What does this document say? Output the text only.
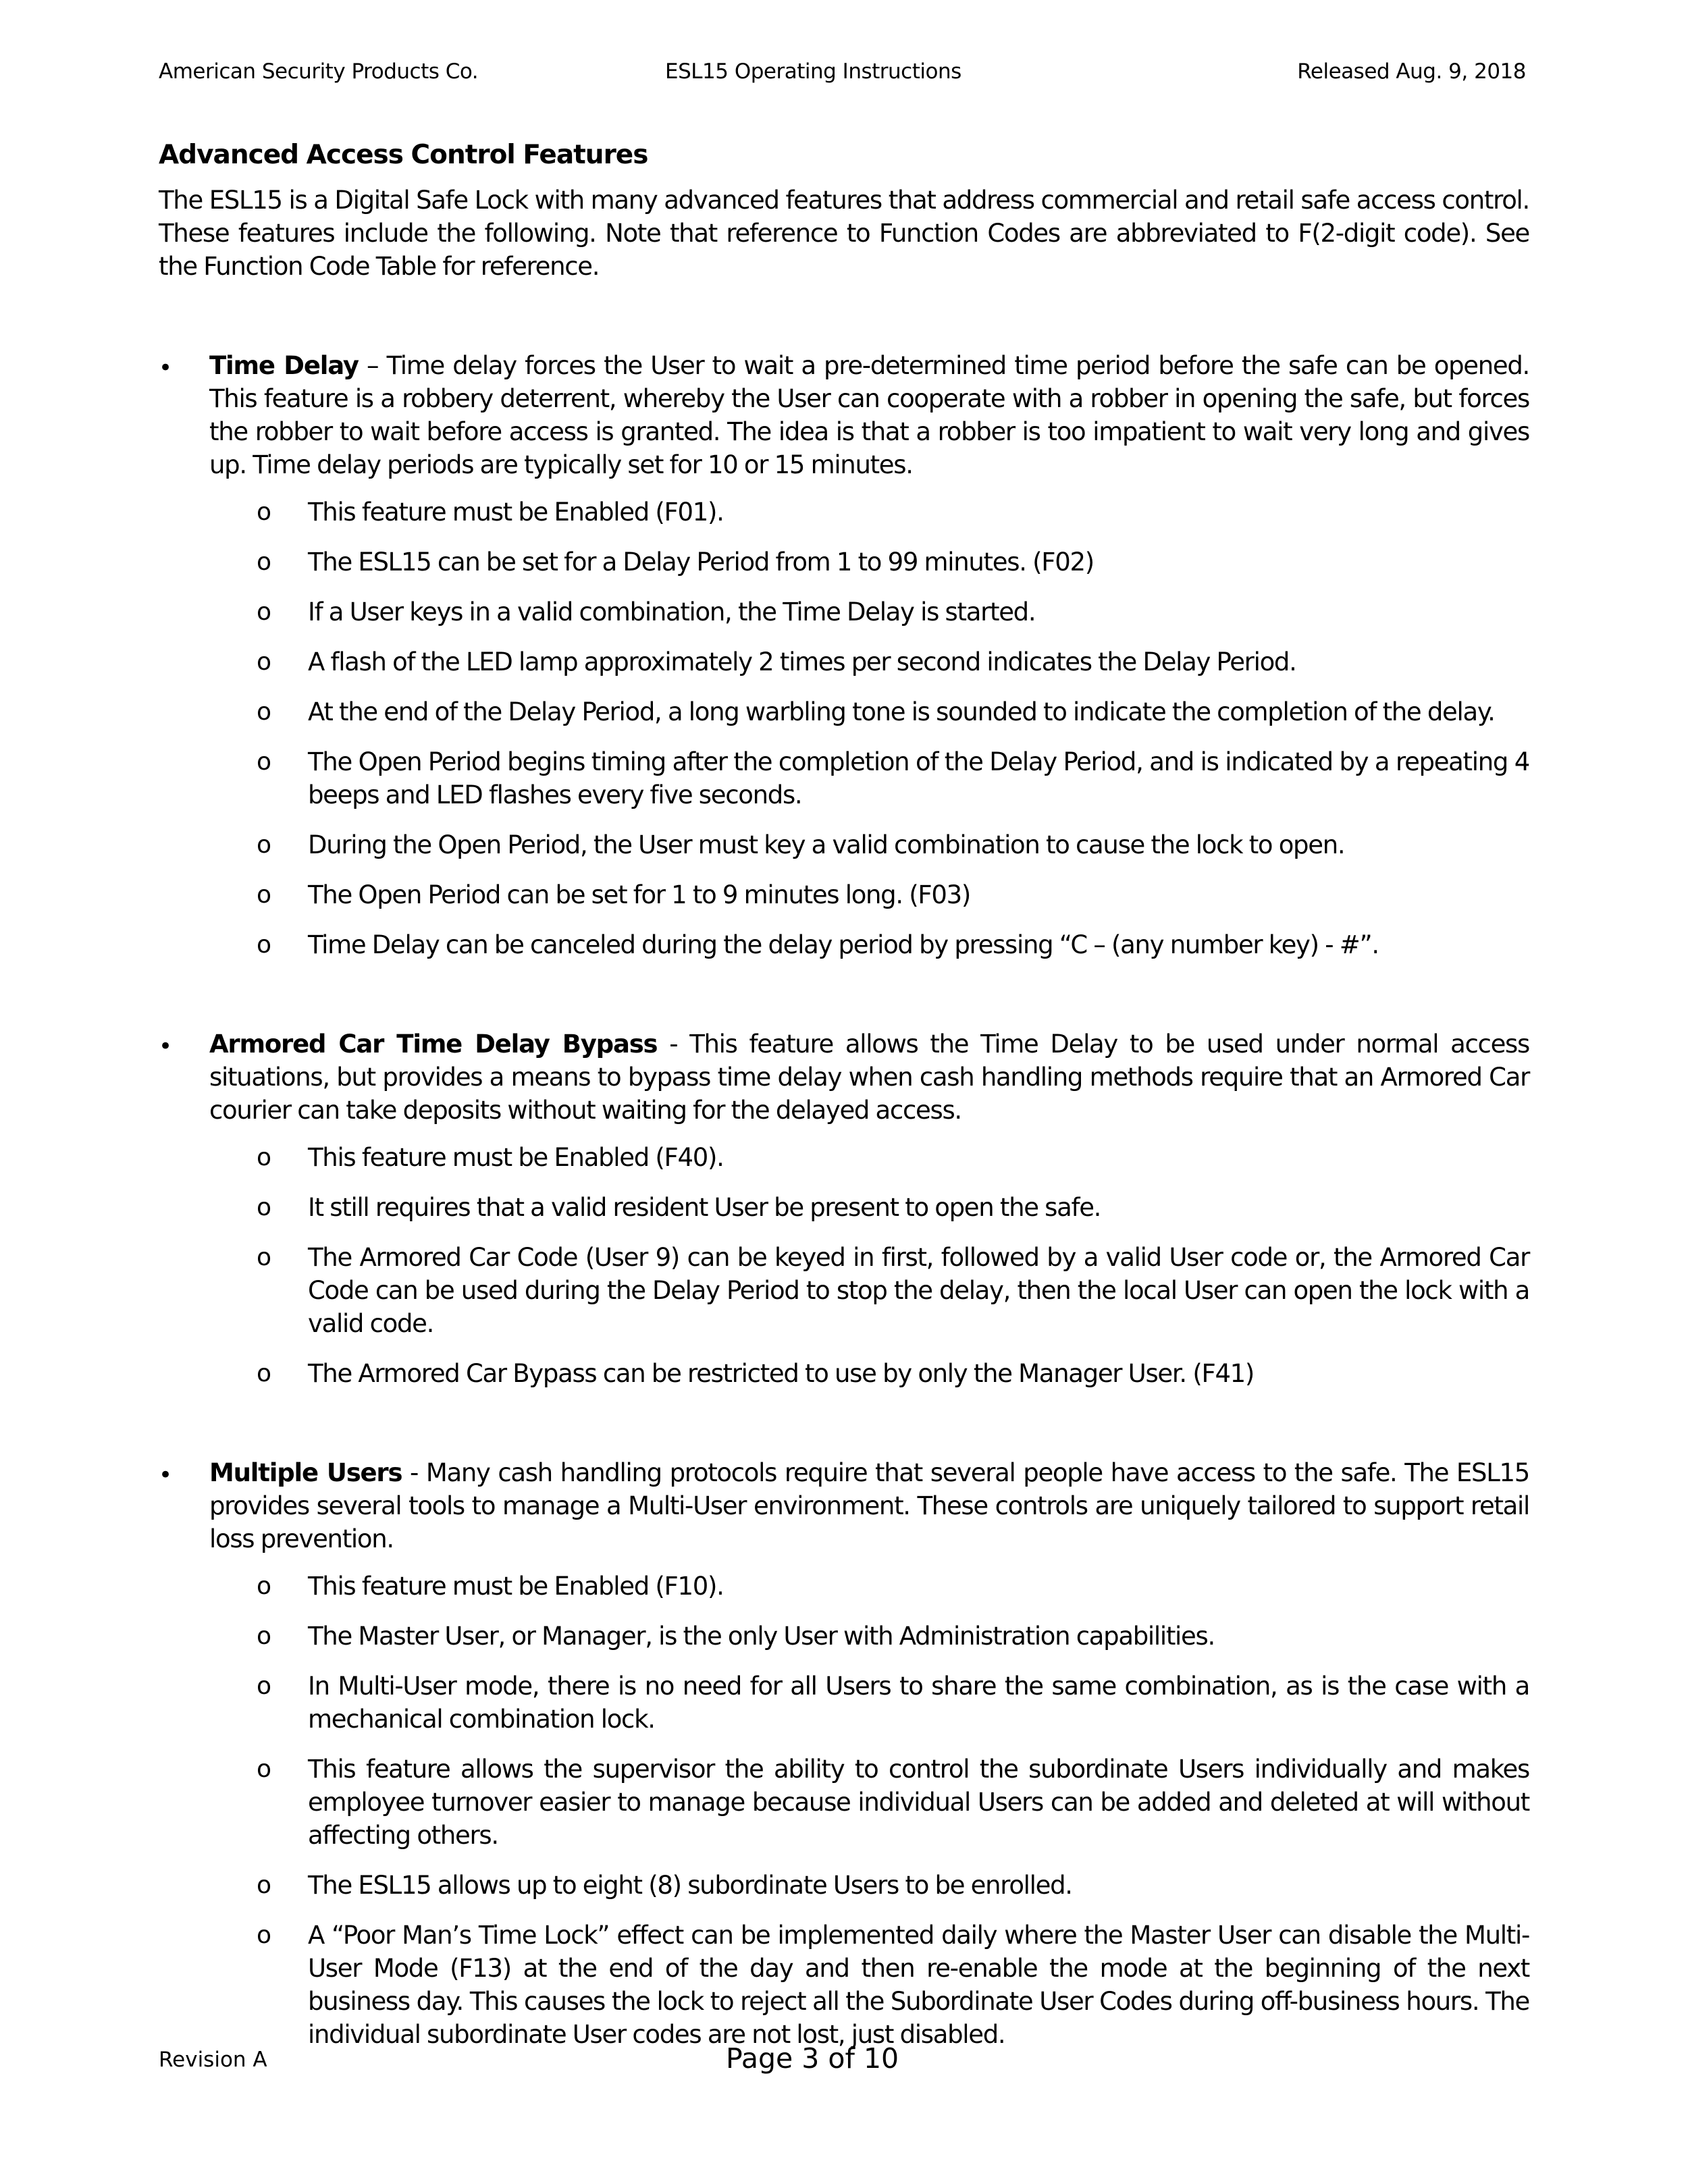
American Security Products Co.	ESL15 Operating Instructions	Released Aug. 9, 2018
Advanced Access Control Features

The ESL15 is a Digital Safe Lock with many advanced features that address commercial and retail safe access control. These features include the following. Note that reference to Function Codes are abbreviated to F(2-digit code). See the Function Code Table for reference.

• Time Delay – Time delay forces the User to wait a pre-determined time period before the safe can be opened. This feature is a robbery deterrent, whereby the User can cooperate with a robber in opening the safe, but forces the robber to wait before access is granted. The idea is that a robber is too impatient to wait very long and gives up. Time delay periods are typically set for 10 or 15 minutes.
o This feature must be Enabled (F01).
o The ESL15 can be set for a Delay Period from 1 to 99 minutes. (F02)
o If a User keys in a valid combination, the Time Delay is started.
o A flash of the LED lamp approximately 2 times per second indicates the Delay Period.
o At the end of the Delay Period, a long warbling tone is sounded to indicate the completion of the delay.
o The Open Period begins timing after the completion of the Delay Period, and is indicated by a repeating 4 beeps and LED flashes every five seconds.
o During the Open Period, the User must key a valid combination to cause the lock to open.
o The Open Period can be set for 1 to 9 minutes long. (F03)
o Time Delay can be canceled during the delay period by pressing “C – (any number key) - #”.
• Armored Car Time Delay Bypass - This feature allows the Time Delay to be used under normal access situations, but provides a means to bypass time delay when cash handling methods require that an Armored Car courier can take deposits without waiting for the delayed access.
o This feature must be Enabled (F40).
o It still requires that a valid resident User be present to open the safe.
o The Armored Car Code (User 9) can be keyed in first, followed by a valid User code or, the Armored Car Code can be used during the Delay Period to stop the delay, then the local User can open the lock with a valid code.
o The Armored Car Bypass can be restricted to use by only the Manager User. (F41)
• Multiple Users - Many cash handling protocols require that several people have access to the safe. The ESL15 provides several tools to manage a Multi-User environment. These controls are uniquely tailored to support retail loss prevention.
o This feature must be Enabled (F10).
o The Master User, or Manager, is the only User with Administration capabilities.
o In Multi-User mode, there is no need for all Users to share the same combination, as is the case with a mechanical combination lock.
o This feature allows the supervisor the ability to control the subordinate Users individually and makes employee turnover easier to manage because individual Users can be added and deleted at will without affecting others.
o The ESL15 allows up to eight (8) subordinate Users to be enrolled.
o A “Poor Man’s Time Lock” effect can be implemented daily where the Master User can disable the Multi-User Mode (F13) at the end of the day and then re-enable the mode at the beginning of the next business day. This causes the lock to reject all the Subordinate User Codes during off-business hours. The individual subordinate User codes are not lost, just disabled.
Revision A	Page 3 of 10
